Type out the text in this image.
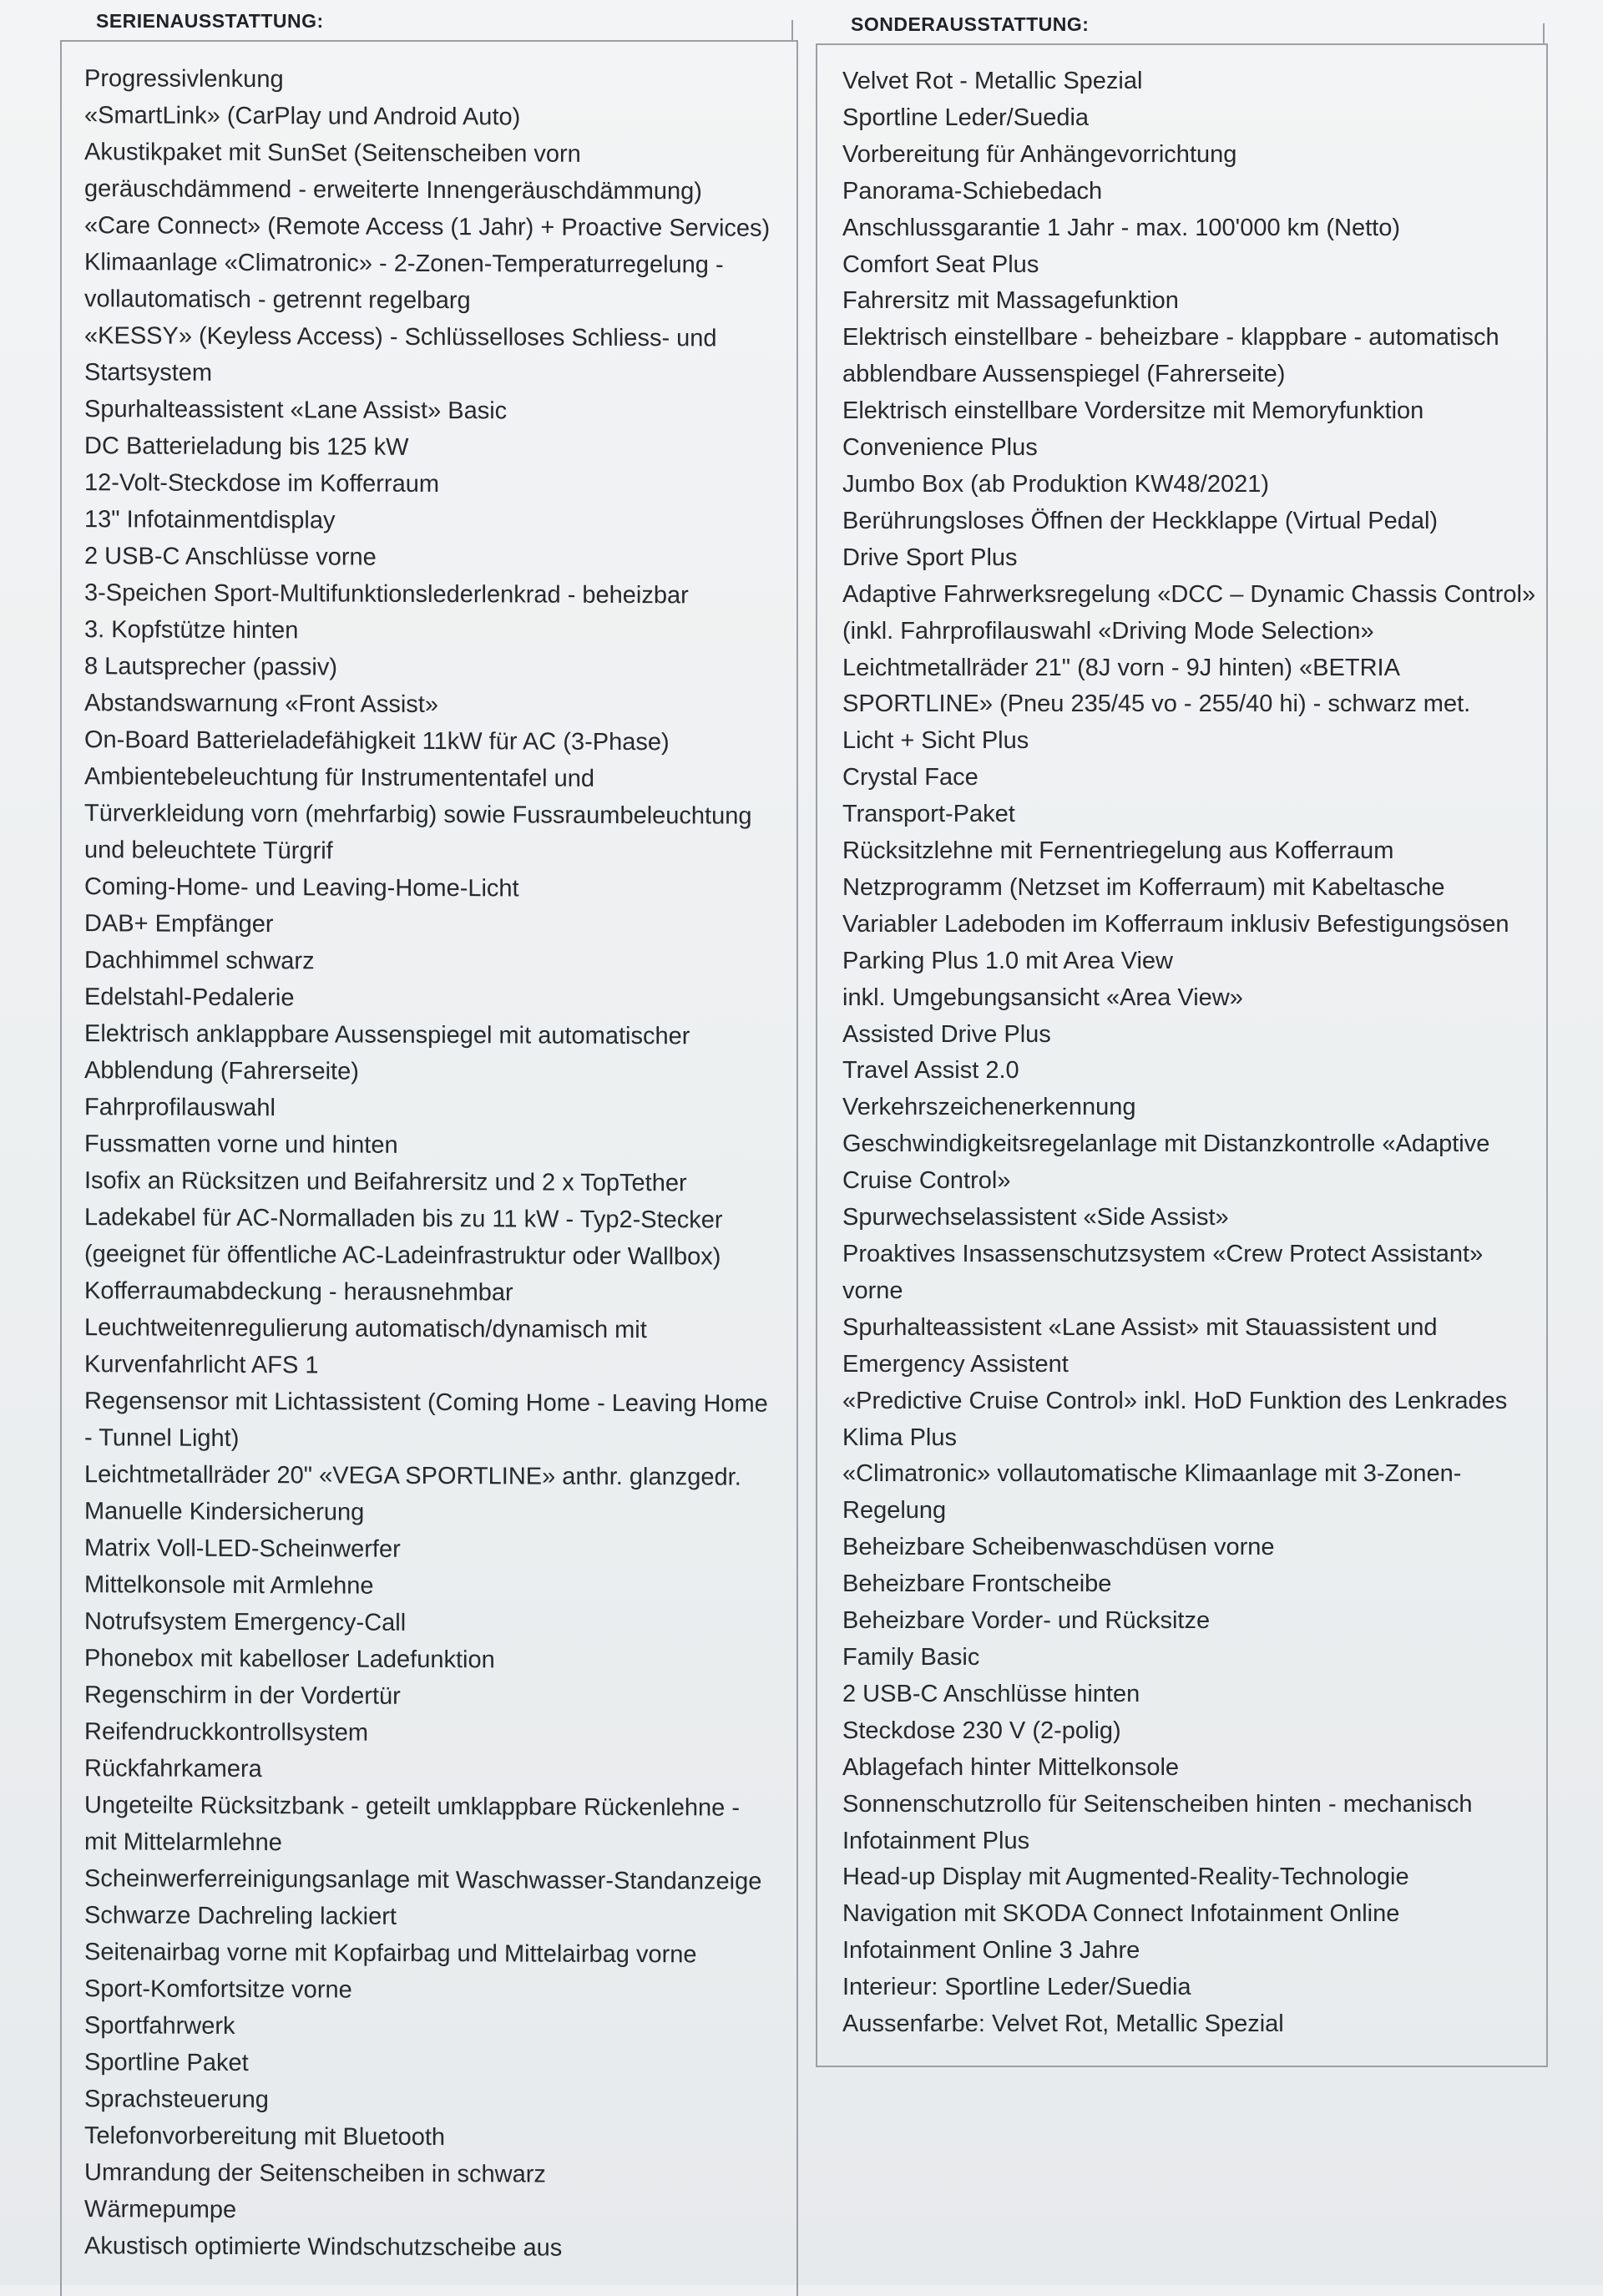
SERIENAUSSTATTUNG:	SONDERAUSSTATTUNG:
Progressivlenkung
«SmartLink» (CarPlay und Android Auto)
Akustikpaket mit SunSet (Seitenscheiben vorn
geräuschdämmend - erweiterte Innengeräuschdämmung)
«Care Connect» (Remote Access (1 Jahr) + Proactive Services)
Klimaanlage «Climatronic» - 2-Zonen-Temperaturregelung -
vollautomatisch - getrennt regelbarg
«KESSY» (Keyless Access) - Schlüsselloses Schliess- und
Startsystem
Spurhalteassistent «Lane Assist» Basic
DC Batterieladung bis 125 kW
12-Volt-Steckdose im Kofferraum
13" Infotainmentdisplay
2 USB-C Anschlüsse vorne
3-Speichen Sport-Multifunktionslederlenkrad - beheizbar
3. Kopfstütze hinten
8 Lautsprecher (passiv)
Abstandswarnung «Front Assist»
On-Board Batterieladefähigkeit 11kW für AC (3-Phase)
Ambientebeleuchtung für Instrumententafel und
Türverkleidung vorn (mehrfarbig) sowie Fussraumbeleuchtung
und beleuchtete Türgrif
Coming-Home- und Leaving-Home-Licht
DAB+ Empfänger
Dachhimmel schwarz
Edelstahl-Pedalerie
Elektrisch anklappbare Aussenspiegel mit automatischer
Abblendung (Fahrerseite)
Fahrprofilauswahl
Fussmatten vorne und hinten
Isofix an Rücksitzen und Beifahrersitz und 2 x TopTether
Ladekabel für AC-Normalladen bis zu 11 kW - Typ2-Stecker
(geeignet für öffentliche AC-Ladeinfrastruktur oder Wallbox)
Kofferraumabdeckung - herausnehmbar
Leuchtweitenregulierung automatisch/dynamisch mit
Kurvenfahrlicht AFS 1
Regensensor mit Lichtassistent (Coming Home - Leaving Home
- Tunnel Light)
Leichtmetallräder 20" «VEGA SPORTLINE» anthr. glanzgedr.
Manuelle Kindersicherung
Matrix Voll-LED-Scheinwerfer
Mittelkonsole mit Armlehne
Notrufsystem Emergency-Call
Phonebox mit kabelloser Ladefunktion
Regenschirm in der Vordertür
Reifendruckkontrollsystem
Rückfahrkamera
Ungeteilte Rücksitzbank - geteilt umklappbare Rückenlehne -
mit Mittelarmlehne
Scheinwerferreinigungsanlage mit Waschwasser-Standanzeige
Schwarze Dachreling lackiert
Seitenairbag vorne mit Kopfairbag und Mittelairbag vorne
Sport-Komfortsitze vorne
Sportfahrwerk
Sportline Paket
Sprachsteuerung
Telefonvorbereitung mit Bluetooth
Umrandung der Seitenscheiben in schwarz
Wärmepumpe
Akustisch optimierte Windschutzscheibe aus
Velvet Rot - Metallic Spezial
Sportline Leder/Suedia
Vorbereitung für Anhängevorrichtung
Panorama-Schiebedach
Anschlussgarantie 1 Jahr - max. 100'000 km (Netto)
Comfort Seat Plus
Fahrersitz mit Massagefunktion
Elektrisch einstellbare - beheizbare - klappbare - automatisch
abblendbare Aussenspiegel (Fahrerseite)
Elektrisch einstellbare Vordersitze mit Memoryfunktion
Convenience Plus
Jumbo Box (ab Produktion KW48/2021)
Berührungsloses Öffnen der Heckklappe (Virtual Pedal)
Drive Sport Plus
Adaptive Fahrwerksregelung «DCC – Dynamic Chassis Control»
(inkl. Fahrprofilauswahl «Driving Mode Selection»
Leichtmetallräder 21" (8J vorn - 9J hinten) «BETRIA
SPORTLINE» (Pneu 235/45 vo - 255/40 hi) - schwarz met.
Licht + Sicht Plus
Crystal Face
Transport-Paket
Rücksitzlehne mit Fernentriegelung aus Kofferraum
Netzprogramm (Netzset im Kofferraum) mit Kabeltasche
Variabler Ladeboden im Kofferraum inklusiv Befestigungsösen
Parking Plus 1.0 mit Area View
inkl. Umgebungsansicht «Area View»
Assisted Drive Plus
Travel Assist 2.0
Verkehrszeichenerkennung
Geschwindigkeitsregelanlage mit Distanzkontrolle «Adaptive
Cruise Control»
Spurwechselassistent «Side Assist»
Proaktives Insassenschutzsystem «Crew Protect Assistant»
vorne
Spurhalteassistent «Lane Assist» mit Stauassistent und
Emergency Assistent
«Predictive Cruise Control» inkl. HoD Funktion des Lenkrades
Klima Plus
«Climatronic» vollautomatische Klimaanlage mit 3-Zonen-
Regelung
Beheizbare Scheibenwaschdüsen vorne
Beheizbare Frontscheibe
Beheizbare Vorder- und Rücksitze
Family Basic
2 USB-C Anschlüsse hinten
Steckdose 230 V (2-polig)
Ablagefach hinter Mittelkonsole
Sonnenschutzrollo für Seitenscheiben hinten - mechanisch
Infotainment Plus
Head-up Display mit Augmented-Reality-Technologie
Navigation mit SKODA Connect Infotainment Online
Infotainment Online 3 Jahre
Interieur: Sportline Leder/Suedia
Aussenfarbe: Velvet Rot, Metallic Spezial
